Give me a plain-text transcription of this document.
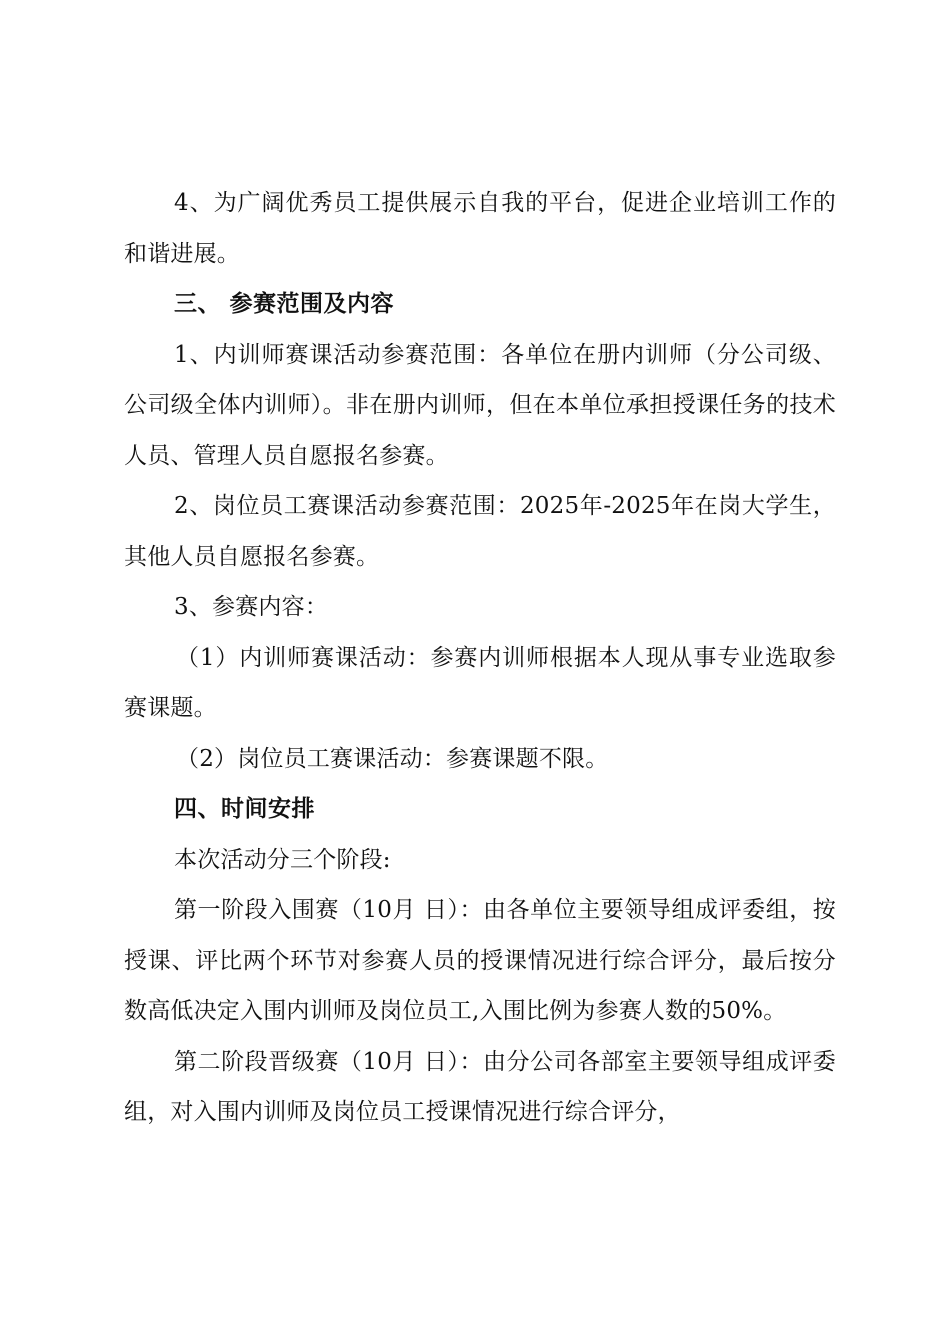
4、为广阔优秀员工提供展示自我的平台，促进企业培训工作的和谐进展。

三、 参赛范围及内容

1、内训师赛课活动参赛范围：各单位在册内训师（分公司级、公司级全体内训师）。非在册内训师，但在本单位承担授课任务的技术人员、管理人员自愿报名参赛。

2、岗位员工赛课活动参赛范围：2025年-2025年在岗大学生，其他人员自愿报名参赛。

3、参赛内容：

（1）内训师赛课活动：参赛内训师根据本人现从事专业选取参赛课题。

（2）岗位员工赛课活动：参赛课题不限。

四、时间安排

本次活动分三个阶段:

第一阶段入围赛（10月 日）：由各单位主要领导组成评委组，按授课、评比两个环节对参赛人员的授课情况进行综合评分，最后按分数高低决定入围内训师及岗位员工,入围比例为参赛人数的50%。

第二阶段晋级赛（10月 日）：由分公司各部室主要领导组成评委组，对入围内训师及岗位员工授课情况进行综合评分，
